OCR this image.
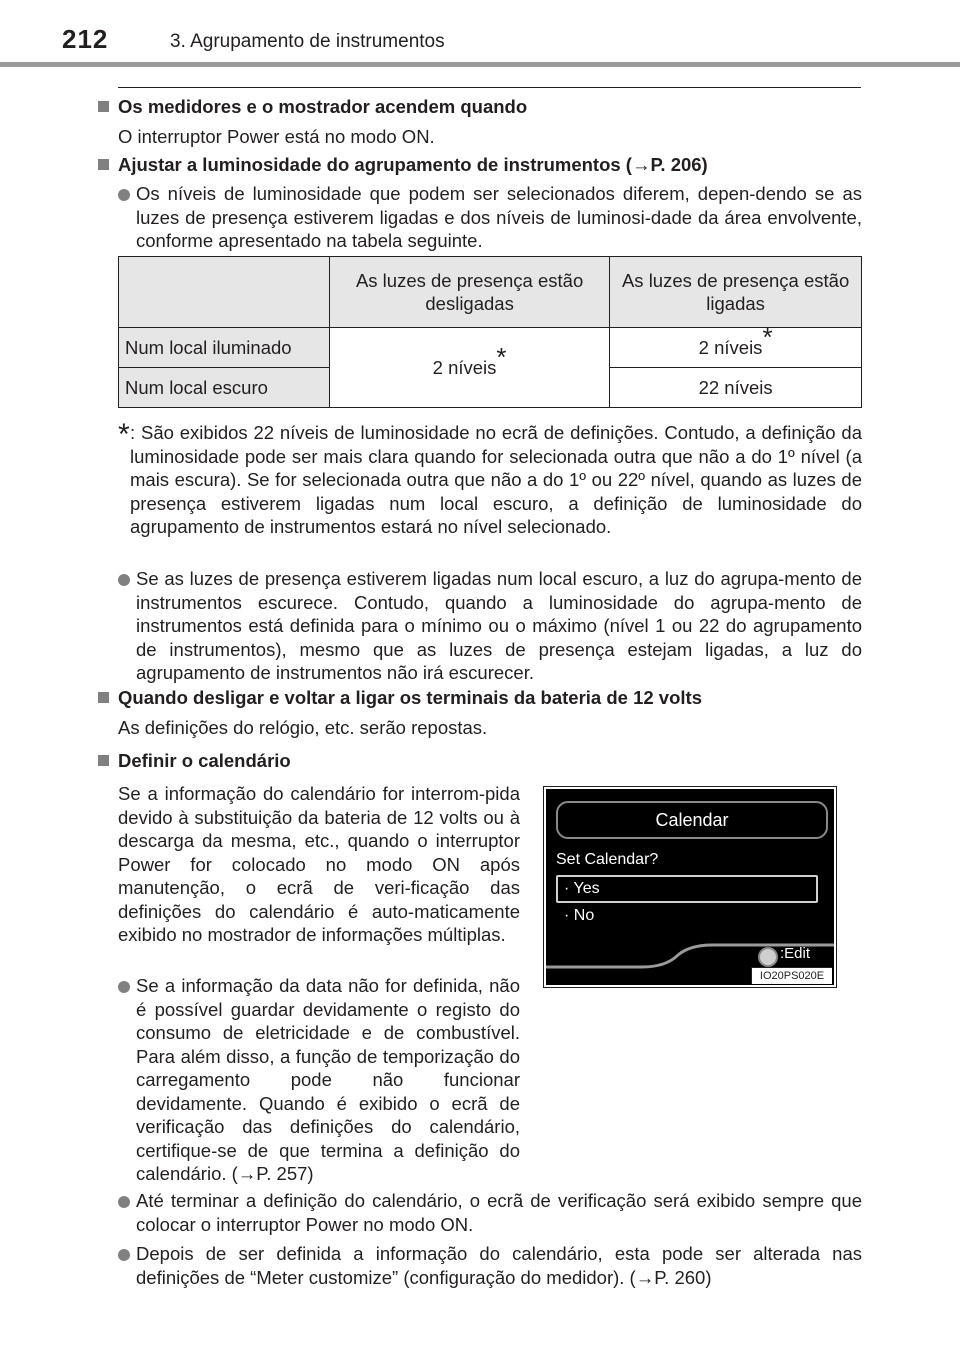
212	3. Agrupamento de instrumentos
Os medidores e o mostrador acendem quando
O interruptor Power está no modo ON.
Ajustar a luminosidade do agrupamento de instrumentos (→P. 206)
Os níveis de luminosidade que podem ser selecionados diferem, depen-dendo se as luzes de presença estiverem ligadas e dos níveis de luminosi-dade da área envolvente, conforme apresentado na tabela seguinte.
	As luzes de presença estão desligadas	As luzes de presença estão ligadas
Num local iluminado	2 níveis*	2 níveis*
Num local escuro		22 níveis
* : São exibidos 22 níveis de luminosidade no ecrã de definições. Contudo, a definição da luminosidade pode ser mais clara quando for selecionada outra que não a do 1º nível (a mais escura). Se for selecionada outra que não a do 1º ou 22º nível, quando as luzes de presença estiverem ligadas num local escuro, a definição de luminosidade do agrupamento de instrumentos estará no nível selecionado.
Se as luzes de presença estiverem ligadas num local escuro, a luz do agrupa-mento de instrumentos escurece. Contudo, quando a luminosidade do agrupa-mento de instrumentos está definida para o mínimo ou o máximo (nível 1 ou 22 do agrupamento de instrumentos), mesmo que as luzes de presença estejam ligadas, a luz do agrupamento de instrumentos não irá escurecer.
Quando desligar e voltar a ligar os terminais da bateria de 12 volts
As definições do relógio, etc. serão repostas.
Definir o calendário
Se a informação do calendário for interrom-pida devido à substituição da bateria de 12 volts ou à descarga da mesma, etc., quando o interruptor Power for colocado no modo ON após manutenção, o ecrã de veri-ficação das definições do calendário é auto-maticamente exibido no mostrador de informações múltiplas.
Se a informação da data não for definida, não é possível guardar devidamente o registo do consumo de eletricidade e de combustível. Para além disso, a função de temporização do carregamento pode não funcionar devidamente. Quando é exibido o ecrã de verificação das definições do calendário, certifique-se de que termina a definição do calendário. (→P. 257)
Até terminar a definição do calendário, o ecrã de verificação será exibido sempre que colocar o interruptor Power no modo ON.
Depois de ser definida a informação do calendário, esta pode ser alterada nas definições de “Meter customize” (configuração do medidor). (→P. 260)
Calendar
Set Calendar?
· Yes
· No
:Edit
IO20PS020E
